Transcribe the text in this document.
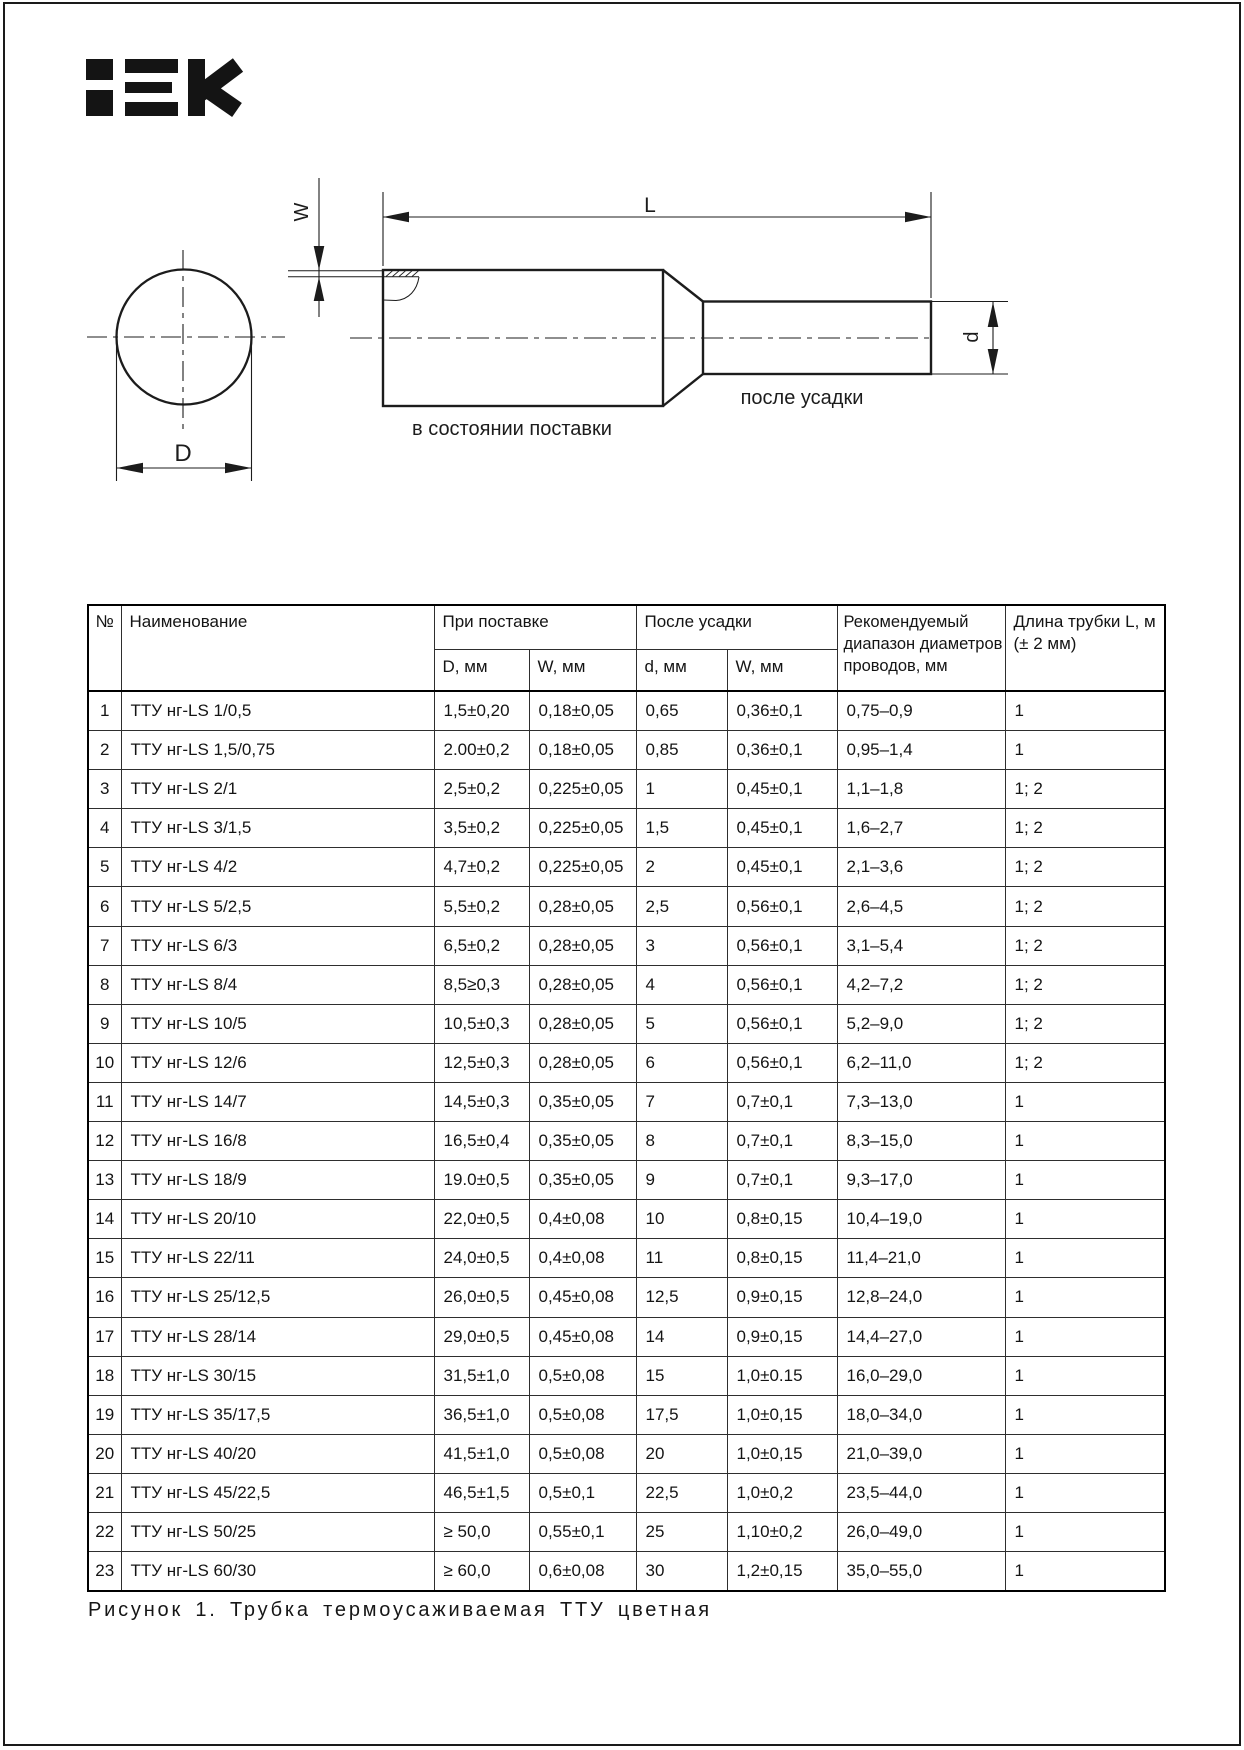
L
W
D
d
в состоянии поставки
после усадки
№	Наименование	При поставке		После усадки		Рекомендуемый диапазон диаметров проводов, мм	Длина трубки L, м (± 2 мм)
		D, мм	W, мм	d, мм	W, мм		
1	ТТУ нг-LS 1/0,5	1,5±0,20	0,18±0,05	0,65	0,36±0,1	0,75–0,9	1
2	ТТУ нг-LS 1,5/0,75	2.00±0,2	0,18±0,05	0,85	0,36±0,1	0,95–1,4	1
3	ТТУ нг-LS 2/1	2,5±0,2	0,225±0,05	1	0,45±0,1	1,1–1,8	1; 2
4	ТТУ нг-LS 3/1,5	3,5±0,2	0,225±0,05	1,5	0,45±0,1	1,6–2,7	1; 2
5	ТТУ нг-LS 4/2	4,7±0,2	0,225±0,05	2	0,45±0,1	2,1–3,6	1; 2
6	ТТУ нг-LS 5/2,5	5,5±0,2	0,28±0,05	2,5	0,56±0,1	2,6–4,5	1; 2
7	ТТУ нг-LS 6/3	6,5±0,2	0,28±0,05	3	0,56±0,1	3,1–5,4	1; 2
8	ТТУ нг-LS 8/4	8,5≥0,3	0,28±0,05	4	0,56±0,1	4,2–7,2	1; 2
9	ТТУ нг-LS 10/5	10,5±0,3	0,28±0,05	5	0,56±0,1	5,2–9,0	1; 2
10	ТТУ нг-LS 12/6	12,5±0,3	0,28±0,05	6	0,56±0,1	6,2–11,0	1; 2
11	ТТУ нг-LS 14/7	14,5±0,3	0,35±0,05	7	0,7±0,1	7,3–13,0	1
12	ТТУ нг-LS 16/8	16,5±0,4	0,35±0,05	8	0,7±0,1	8,3–15,0	1
13	ТТУ нг-LS 18/9	19.0±0,5	0,35±0,05	9	0,7±0,1	9,3–17,0	1
14	ТТУ нг-LS 20/10	22,0±0,5	0,4±0,08	10	0,8±0,15	10,4–19,0	1
15	ТТУ нг-LS 22/11	24,0±0,5	0,4±0,08	11	0,8±0,15	11,4–21,0	1
16	ТТУ нг-LS 25/12,5	26,0±0,5	0,45±0,08	12,5	0,9±0,15	12,8–24,0	1
17	ТТУ нг-LS 28/14	29,0±0,5	0,45±0,08	14	0,9±0,15	14,4–27,0	1
18	ТТУ нг-LS 30/15	31,5±1,0	0,5±0,08	15	1,0±0.15	16,0–29,0	1
19	ТТУ нг-LS 35/17,5	36,5±1,0	0,5±0,08	17,5	1,0±0,15	18,0–34,0	1
20	ТТУ нг-LS 40/20	41,5±1,0	0,5±0,08	20	1,0±0,15	21,0–39,0	1
21	ТТУ нг-LS 45/22,5	46,5±1,5	0,5±0,1	22,5	1,0±0,2	23,5–44,0	1
22	ТТУ нг-LS 50/25	≥ 50,0	0,55±0,1	25	1,10±0,2	26,0–49,0	1
23	ТТУ нг-LS 60/30	≥ 60,0	0,6±0,08	30	1,2±0,15	35,0–55,0	1
Рисунок 1. Трубка термоусаживаемая ТТУ цветная
